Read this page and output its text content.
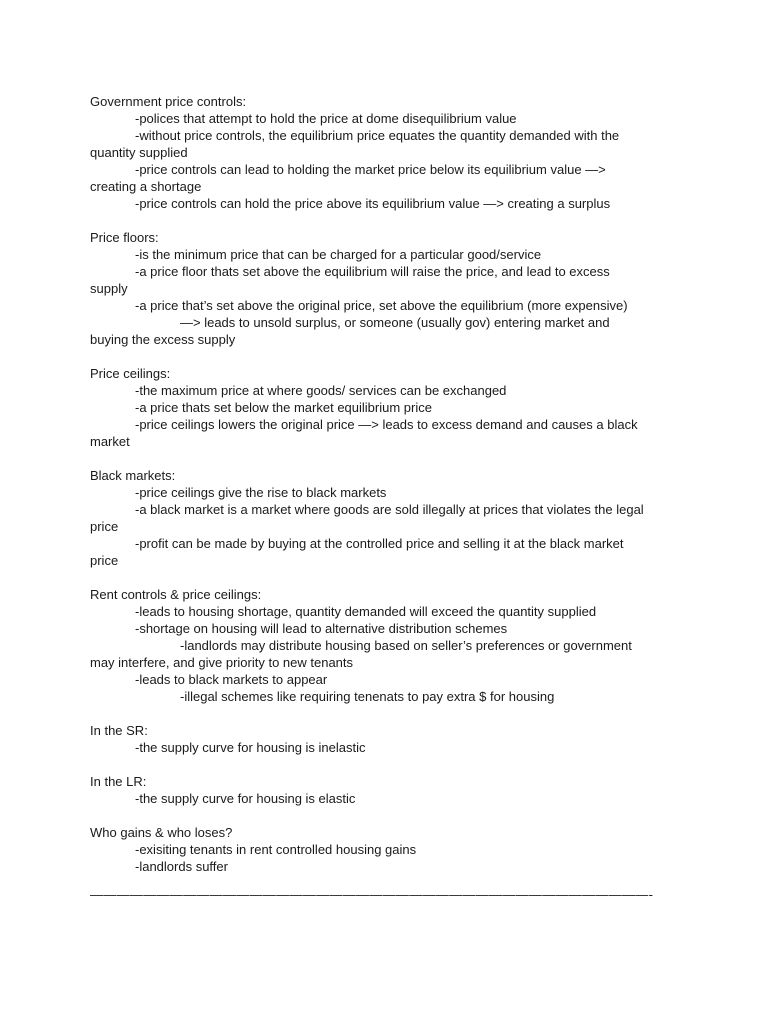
Government price controls:
-polices that attempt to hold the price at dome disequilibrium value
-without price controls, the equilibrium price equates the quantity demanded with the
quantity supplied
-price controls can lead to holding the market price below its equilibrium value —>
creating a shortage
-price controls can hold the price above its equilibrium value —> creating a surplus
Price floors:
-is the minimum price that can be charged for a particular good/service
-a price floor thats set above the equilibrium will raise the price, and lead to excess
supply
-a price that’s set above the original price, set above the equilibrium (more expensive)
—> leads to unsold surplus, or someone (usually gov) entering market and
buying the excess supply
Price ceilings:
-the maximum price at where goods/ services can be exchanged
-a price thats set below the market equilibrium price
-price ceilings lowers the original price —> leads to excess demand and causes a black
market
Black markets:
-price ceilings give the rise to black markets
-a black market is a market where goods are sold illegally at prices that violates the legal
price
-profit can be made by buying at the controlled price and selling it at the black market
price
Rent controls & price ceilings:
-leads to housing shortage, quantity demanded will exceed the quantity supplied
-shortage on housing will lead to alternative distribution schemes
-landlords may distribute housing based on seller’s preferences or government
may interfere, and give priority to new tenants
-leads to black markets to appear
-illegal schemes like requiring tenenats to pay extra $ for housing
In the SR:
-the supply curve for housing is inelastic
In the LR:
-the supply curve for housing is elastic
Who gains & who loses?
-exisiting tenants in rent controlled housing gains
-landlords suffer
——————————————————————————————————————————-
